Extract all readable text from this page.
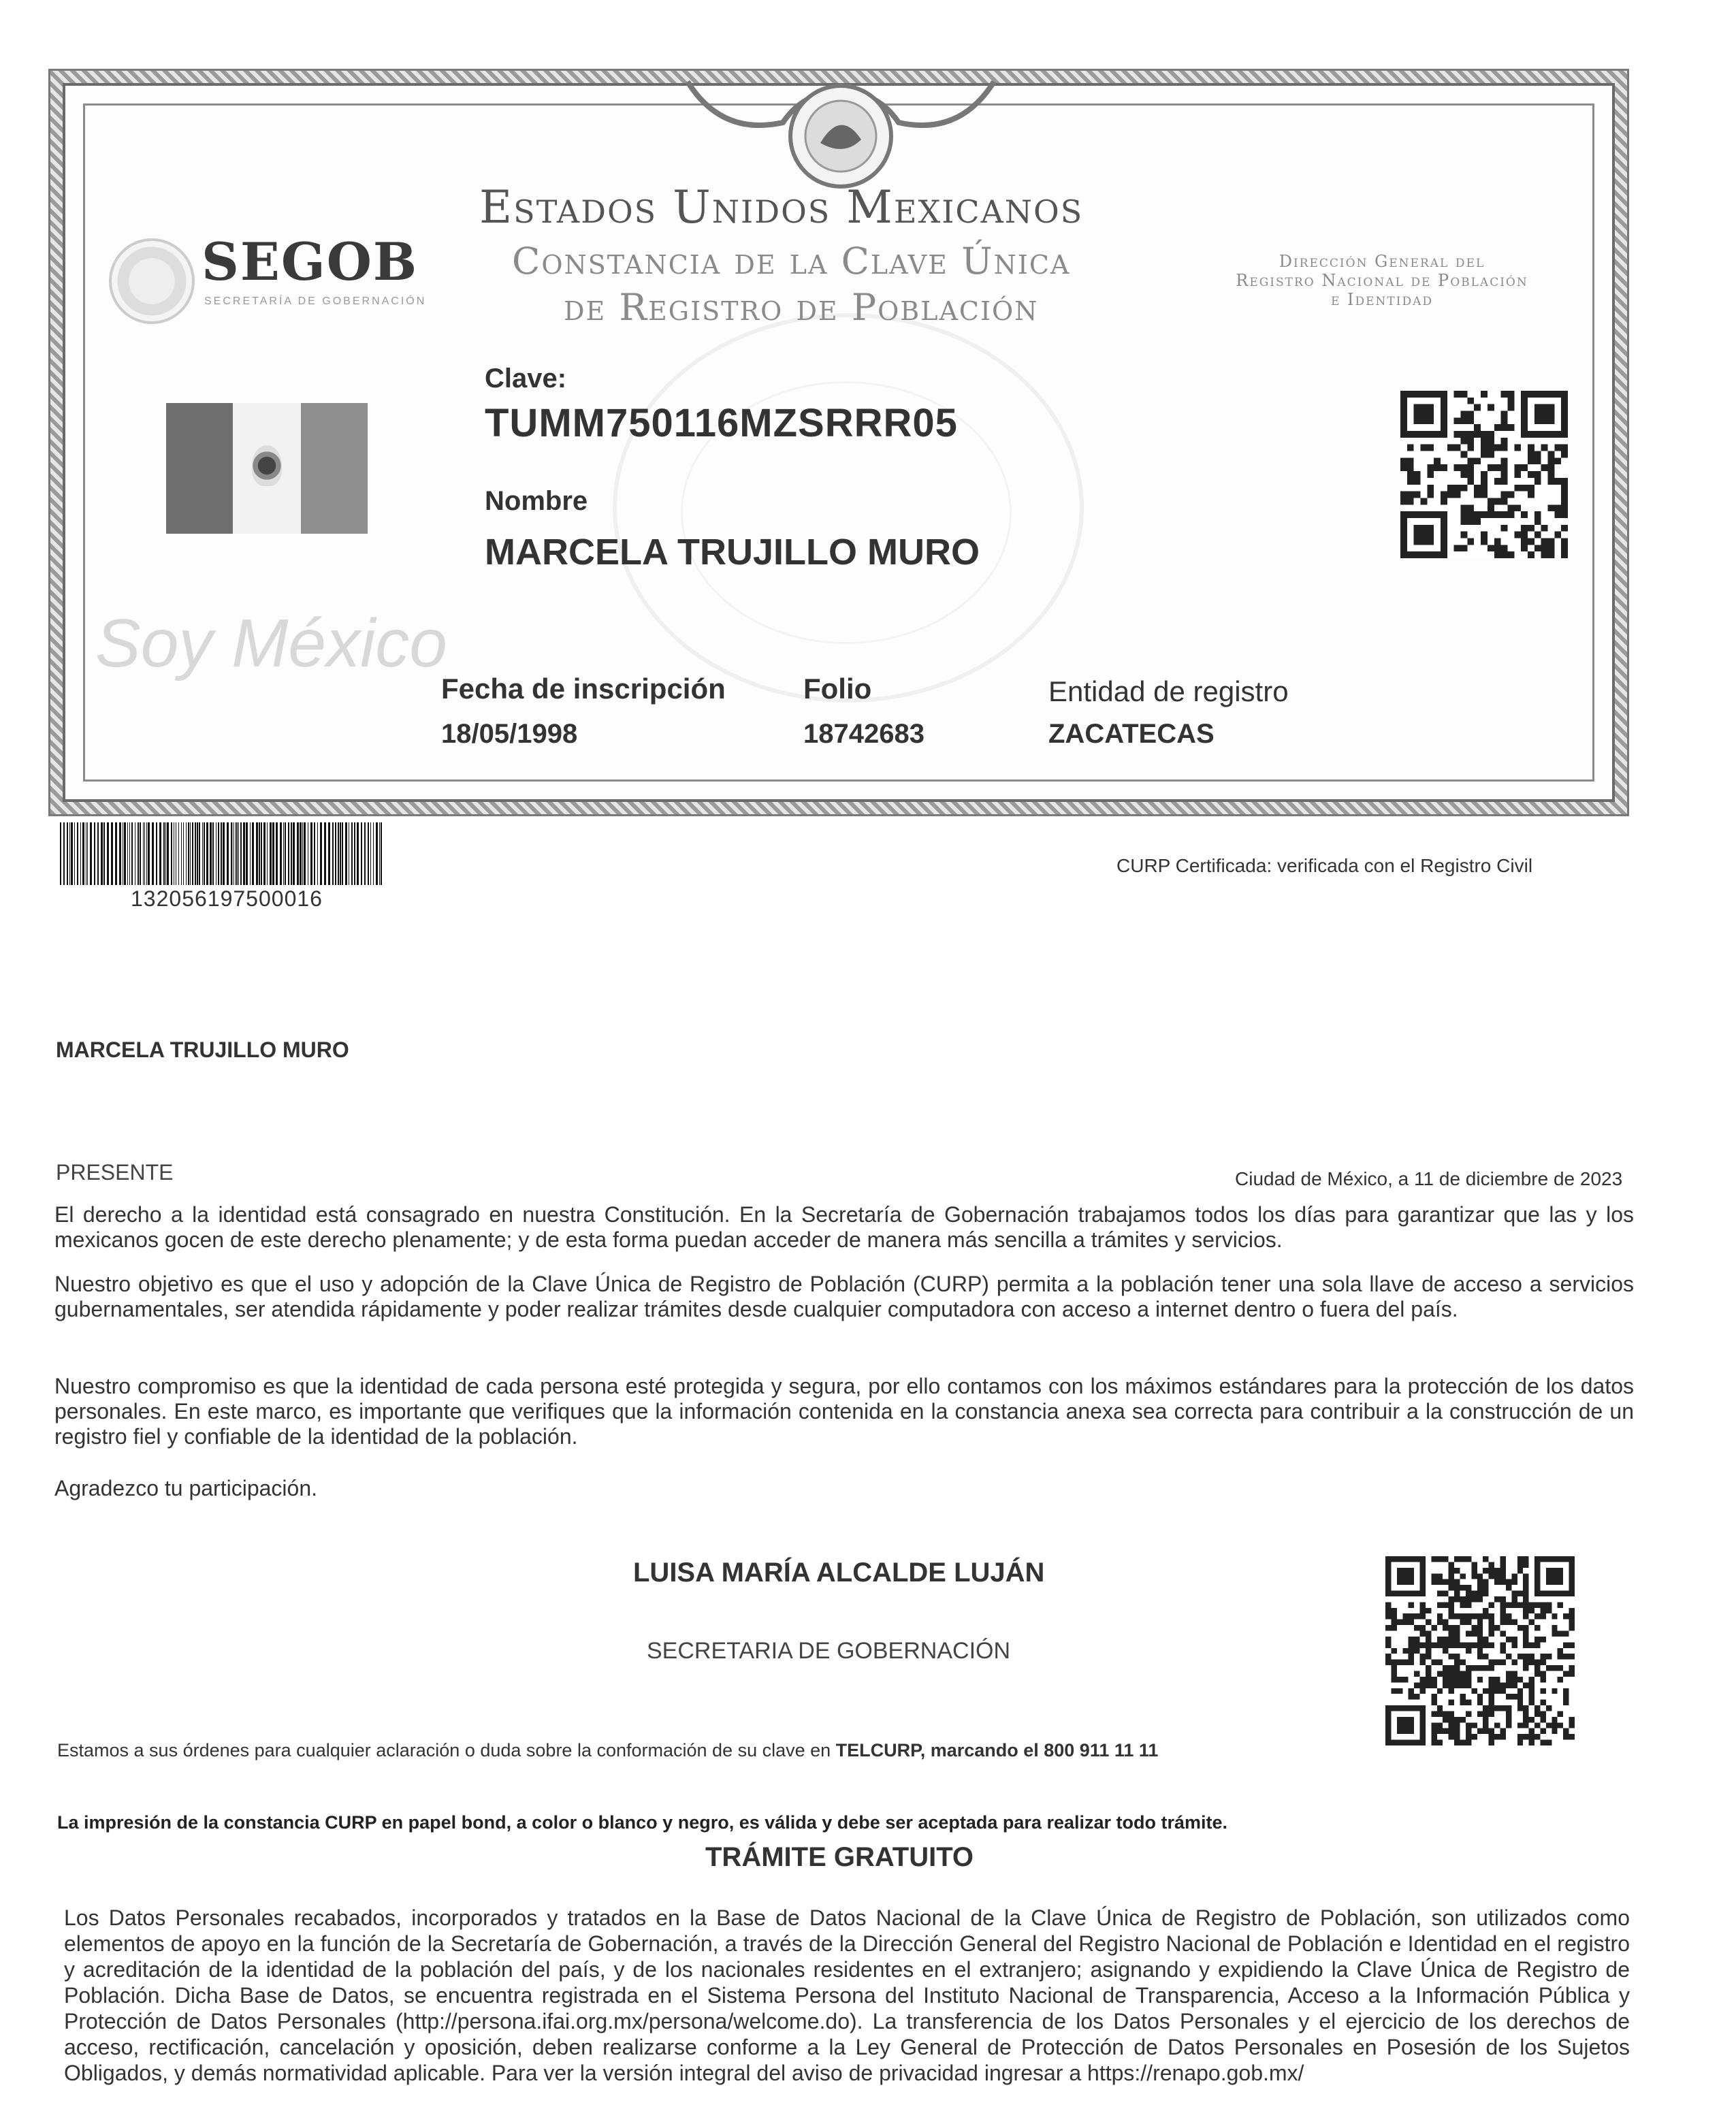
Estados Unidos Mexicanos
Constancia de la Clave Única
de Registro de Población
Dirección General del
Registro Nacional de Población
e Identidad
SEGOB
SECRETARÍA DE GOBERNACIÓN
Soy México
Clave:
TUMM750116MZSRRR05
Nombre
MARCELA TRUJILLO MURO
Fecha de inscripción
18/05/1998
Folio
18742683
Entidad de registro
ZACATECAS
132056197500016
CURP Certificada: verificada con el Registro Civil
MARCELA TRUJILLO MURO
PRESENTE	Ciudad de México, a 11 de diciembre de 2023
El derecho a la identidad está consagrado en nuestra Constitución. En la Secretaría de Gobernación trabajamos todos los días para garantizar que las y los mexicanos gocen de este derecho plenamente; y de esta forma puedan acceder de manera más sencilla a trámites y servicios.
Nuestro objetivo es que el uso y adopción de la Clave Única de Registro de Población (CURP) permita a la población tener una sola llave de acceso a servicios gubernamentales, ser atendida rápidamente y poder realizar trámites desde cualquier computadora con acceso a internet dentro o fuera del país.
Nuestro compromiso es que la identidad de cada persona esté protegida y segura, por ello contamos con los máximos estándares para la protección de los datos personales. En este marco, es importante que verifiques que la información contenida en la constancia anexa sea correcta para contribuir a la construcción de un registro fiel y confiable de la identidad de la población.
Agradezco tu participación.
LUISA MARÍA ALCALDE LUJÁN
SECRETARIA DE GOBERNACIÓN
Estamos a sus órdenes para cualquier aclaración o duda sobre la conformación de su clave en TELCURP, marcando el 800 911 11 11
La impresión de la constancia CURP en papel bond, a color o blanco y negro, es válida y debe ser aceptada para realizar todo trámite.
TRÁMITE GRATUITO
Los Datos Personales recabados, incorporados y tratados en la Base de Datos Nacional de la Clave Única de Registro de Población, son utilizados como elementos de apoyo en la función de la Secretaría de Gobernación, a través de la Dirección General del Registro Nacional de Población e Identidad en el registro y acreditación de la identidad de la población del país, y de los nacionales residentes en el extranjero; asignando y expidiendo la Clave Única de Registro de Población. Dicha Base de Datos, se encuentra registrada en el Sistema Persona del Instituto Nacional de Transparencia, Acceso a la Información Pública y Protección de Datos Personales (http://persona.ifai.org.mx/persona/welcome.do). La transferencia de los Datos Personales y el ejercicio de los derechos de acceso, rectificación, cancelación y oposición, deben realizarse conforme a la Ley General de Protección de Datos Personales en Posesión de los Sujetos Obligados, y demás normatividad aplicable. Para ver la versión integral del aviso de privacidad ingresar a https://renapo.gob.mx/
